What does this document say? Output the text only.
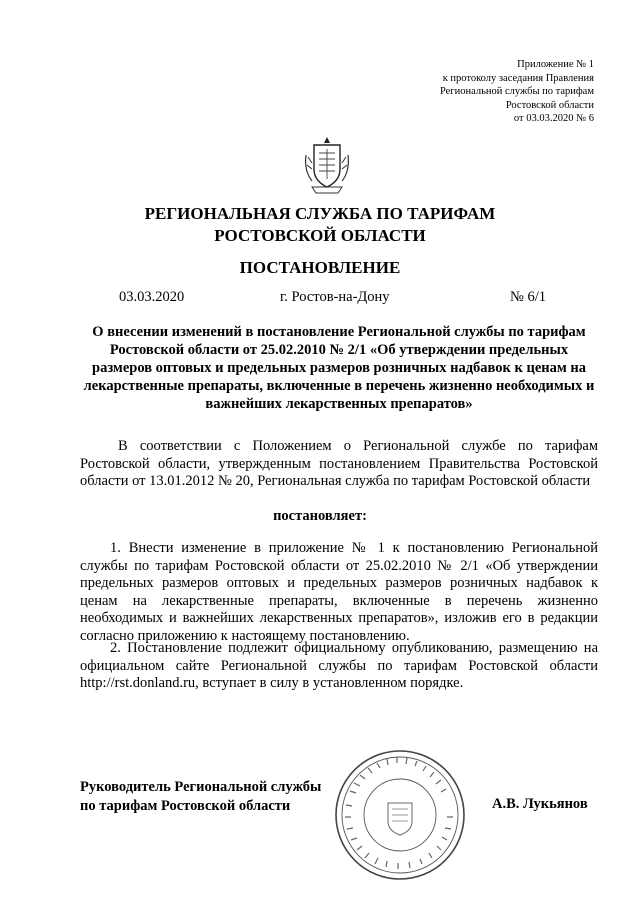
Приложение № 1
к протоколу заседания Правления
Региональной службы по тарифам
Ростовской области
от 03.03.2020 № 6
РЕГИОНАЛЬНАЯ СЛУЖБА ПО ТАРИФАМ
РОСТОВСКОЙ ОБЛАСТИ
ПОСТАНОВЛЕНИЕ
03.03.2020	г. Ростов-на-Дону	№ 6/1
О внесении изменений в постановление Региональной службы по тарифам Ростовской области от 25.02.2010 № 2/1 «Об утверждении предельных размеров оптовых и предельных размеров розничных надбавок к ценам на лекарственные препараты, включенные в перечень жизненно необходимых и важнейших лекарственных препаратов»

В соответствии с Положением о Региональной службе по тарифам Ростовской области, утвержденным постановлением Правительства Ростовской области от 13.01.2012 № 20, Региональная служба по тарифам Ростовской области

постановляет:

1. Внести изменение в приложение № 1 к постановлению Региональной службы по тарифам Ростовской области от 25.02.2010 № 2/1 «Об утверждении предельных размеров оптовых и предельных размеров розничных надбавок к ценам на лекарственные препараты, включенные в перечень жизненно необходимых и важнейших лекарственных препаратов», изложив его в редакции согласно приложению к настоящему постановлению.

2. Постановление подлежит официальному опубликованию, размещению на официальном сайте Региональной службы по тарифам Ростовской области http://rst.donland.ru, вступает в силу в установленном порядке.

Руководитель Региональной службы
по тарифам Ростовской области	А.В. Лукьянов
